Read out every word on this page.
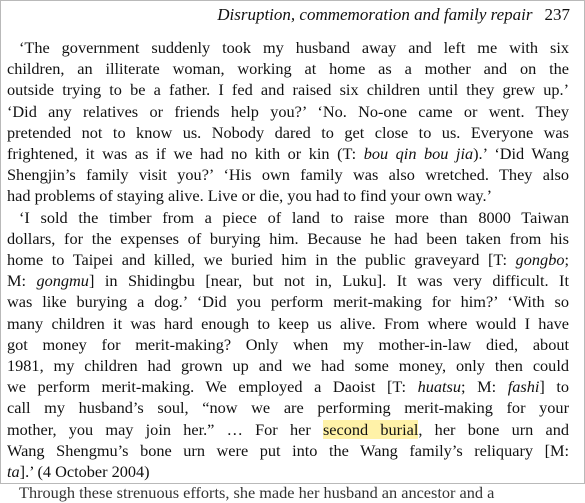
Disruption, commemoration and family repair 237
‘The government suddenly took my husband away and left me with six
children, an illiterate woman, working at home as a mother and on the
outside trying to be a father. I fed and raised six children until they grew up.’
‘Did any relatives or friends help you?’ ‘No. No-one came or went. They
pretended not to know us. Nobody dared to get close to us. Everyone was
frightened, it was as if we had no kith or kin (T: bou qin bou jia).’ ‘Did Wang
Shengjin’s family visit you?’ ‘His own family was also wretched. They also
had problems of staying alive. Live or die, you had to find your own way.’
‘I sold the timber from a piece of land to raise more than 8000 Taiwan
dollars, for the expenses of burying him. Because he had been taken from his
home to Taipei and killed, we buried him in the public graveyard [T: gongbo;
M: gongmu] in Shidingbu [near, but not in, Luku]. It was very difficult. It
was like burying a dog.’ ‘Did you perform merit-making for him?’ ‘With so
many children it was hard enough to keep us alive. From where would I have
got money for merit-making? Only when my mother-in-law died, about
1981, my children had grown up and we had some money, only then could
we perform merit-making. We employed a Daoist [T: huatsu; M: fashi] to
call my husband’s soul, “now we are performing merit-making for your
mother, you may join her.” … For her second burial, her bone urn and
Wang Shengmu’s bone urn were put into the Wang family’s reliquary [M:
ta].’ (4 October 2004)
Through these strenuous efforts, she made her husband an ancestor and a
